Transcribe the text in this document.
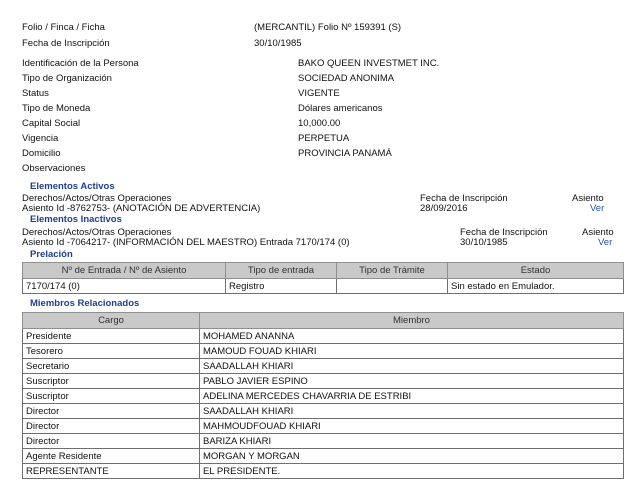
Folio / Finca / Ficha	(MERCANTIL) Folio Nº 159391 (S)
Fecha de Inscripción	30/10/1985
Identificación de la Persona	BAKO QUEEN INVESTMET INC.
Tipo de Organización	SOCIEDAD ANONIMA
Status	VIGENTE
Tipo de Moneda	Dólares americanos
Capital Social	10,000.00
Vigencia	PERPETUA
Domicilio	PROVINCIA PANAMÁ
Observaciones
Elementos Activos
Derechos/Actos/Otras Operaciones	Fecha de Inscripción	Asiento
Asiento Id -8762753- (ANOTACIÓN DE ADVERTENCIA)	28/09/2016	Ver
Elementos Inactivos
Derechos/Actos/Otras Operaciones	Fecha de Inscripción	Asiento
Asiento Id -7064217- (INFORMACIÓN DEL MAESTRO) Entrada 7170/174 (0)	30/10/1985	Ver
Prelación
Nº de Entrada / Nº de Asiento	Tipo de entrada	Tipo de Trámite	Estado
7170/174 (0)	Registro		Sin estado en Emulador.
Miembros Relacionados
Cargo	Miembro
Presidente	MOHAMED ANANNA
Tesorero	MAMOUD FOUAD KHIARI
Secretario	SAADALLAH KHIARI
Suscriptor	PABLO JAVIER ESPINO
Suscriptor	ADELINA MERCEDES CHAVARRIA DE ESTRIBI
Director	SAADALLAH KHIARI
Director	MAHMOUDFOUAD KHIARI
Director	BARIZA KHIARI
Agente Residente	MORGAN Y MORGAN
REPRESENTANTE	EL PRESIDENTE.
